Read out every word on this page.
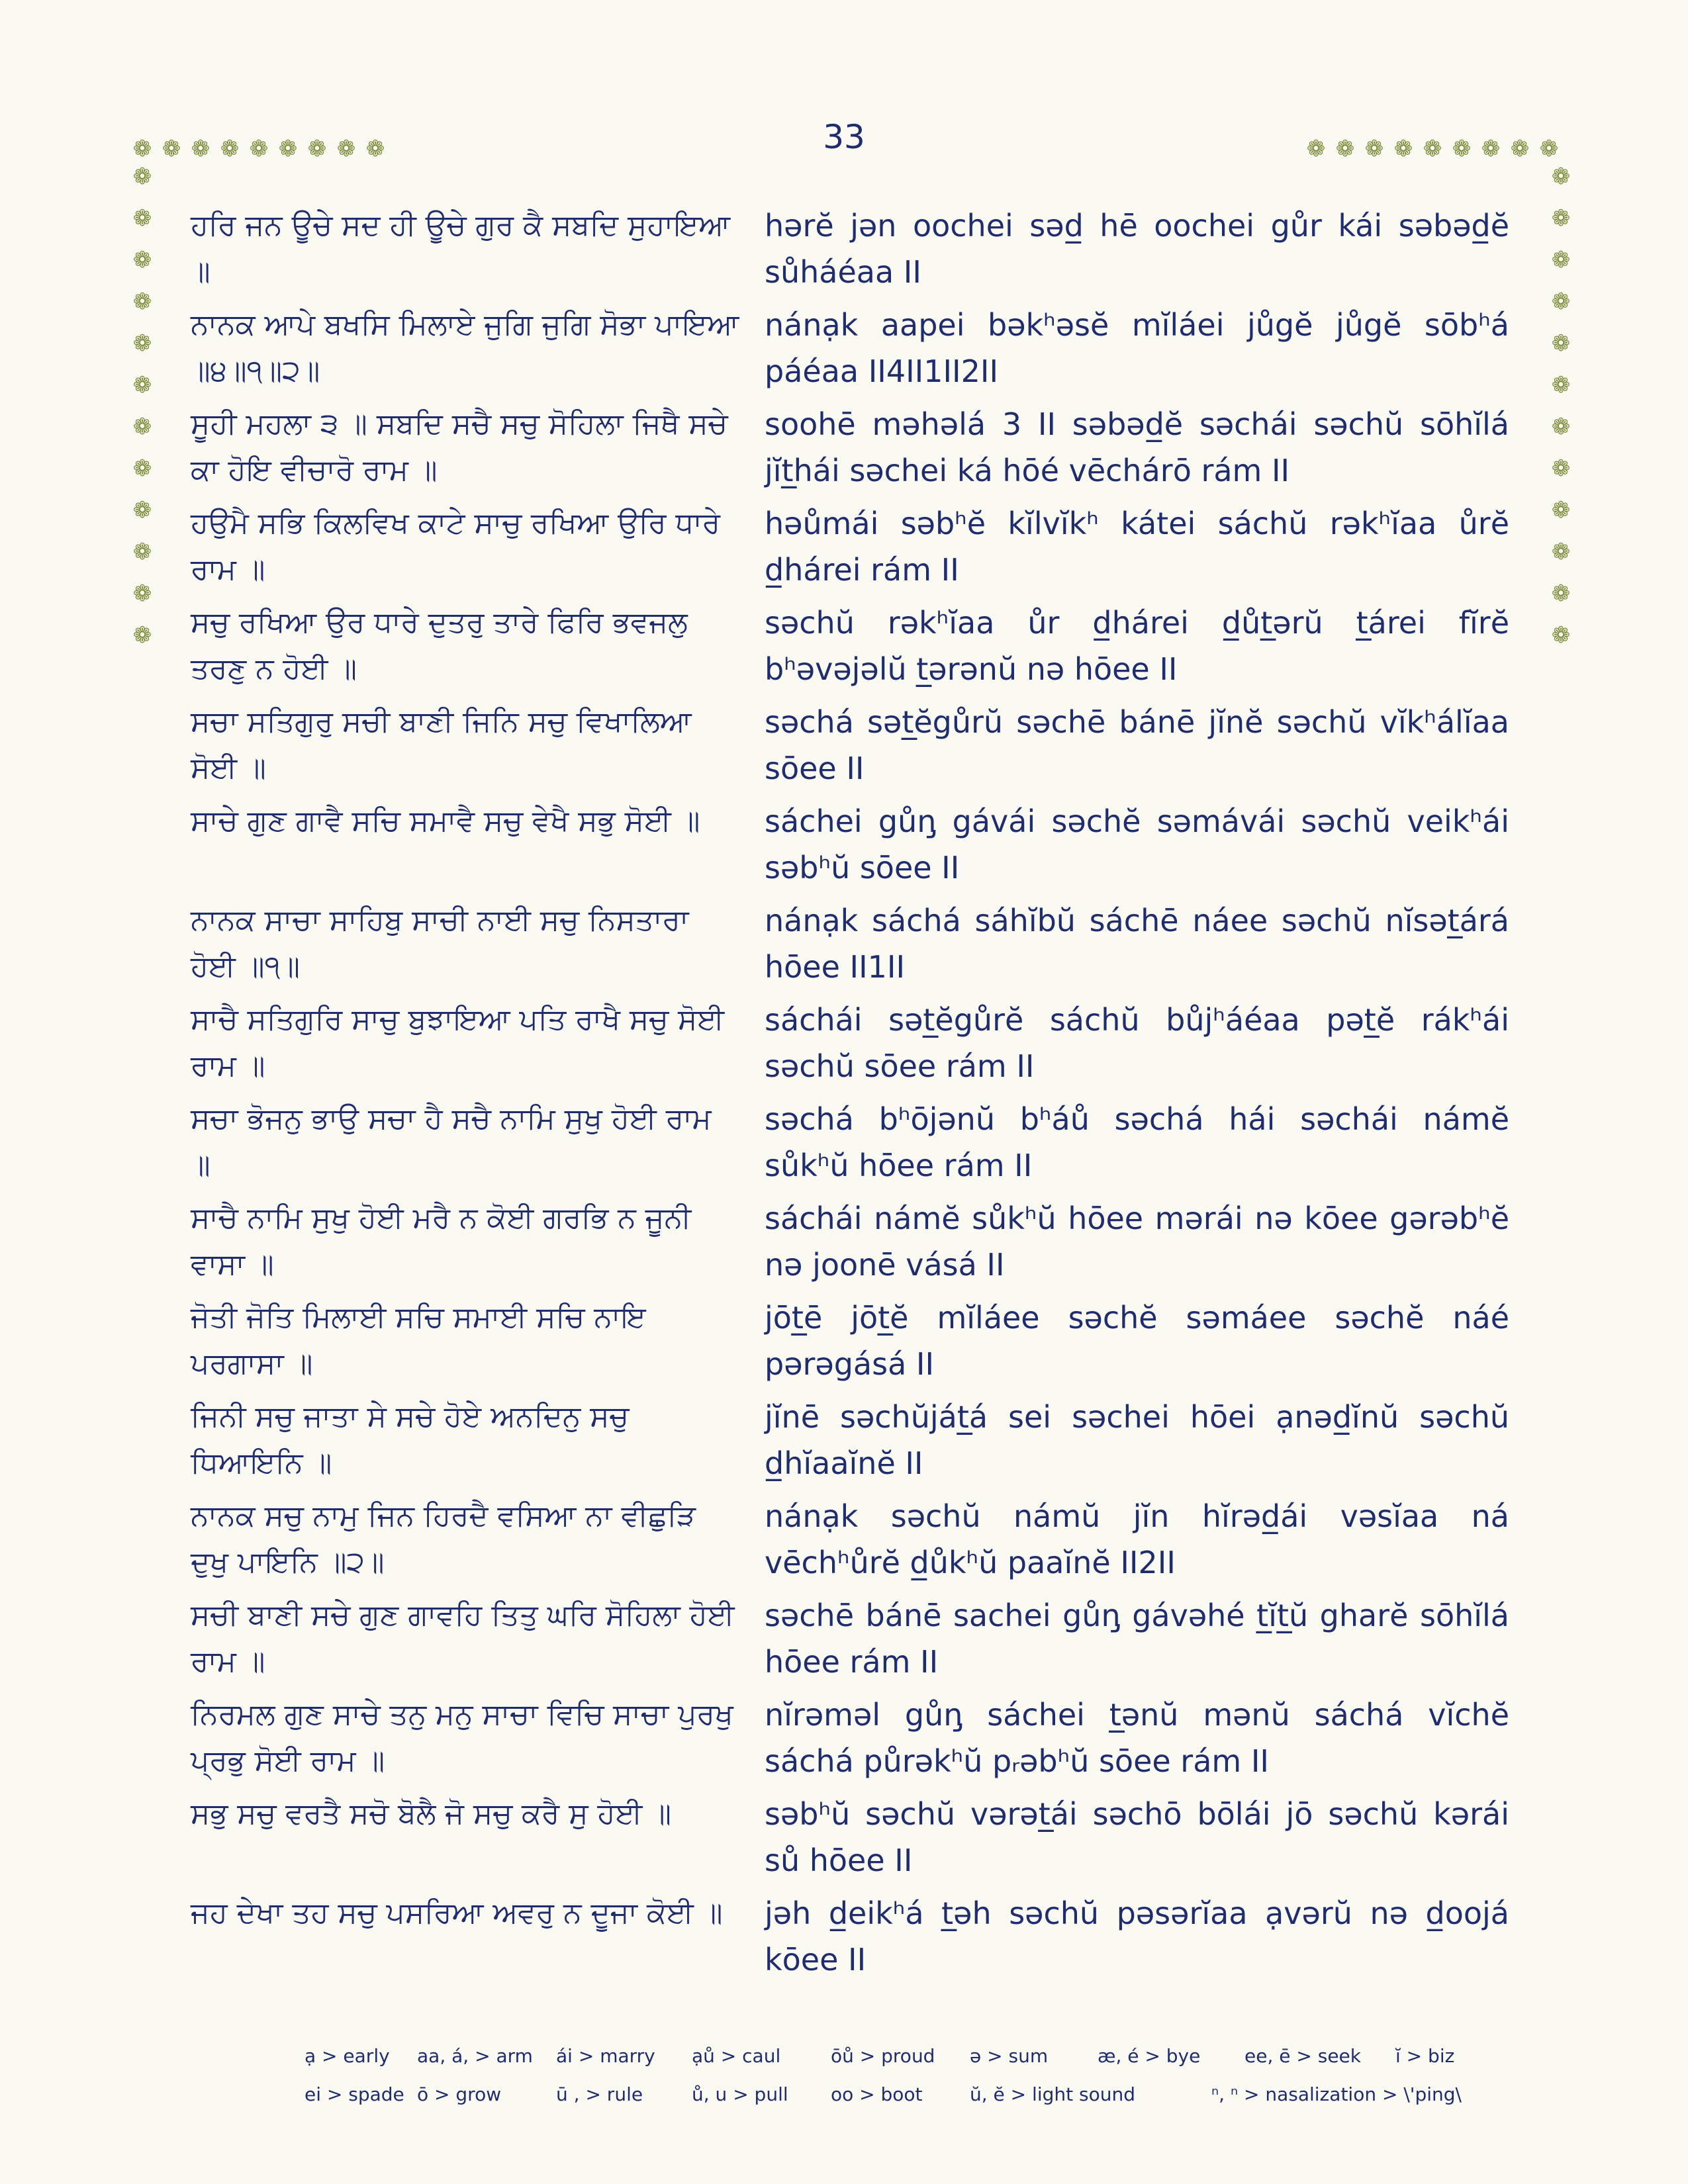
33
❁ ❁ ❁ ❁ ❁ ❁ ❁ ❁ ❁	❁ ❁ ❁ ❁ ❁ ❁ ❁ ❁ ❁
❁
❁
❁
❁
❁
❁
❁
❁
❁
❁
❁
❁
❁
❁
❁
❁
❁
❁
❁
❁
❁
❁
❁
❁
ਹਰਿ ਜਨ ਊਚੇ ਸਦ ਹੀ ਊਚੇ ਗੁਰ ਕੈ ਸਬਦਿ ਸੁਹਾਇਆ ॥
hərĕ jən oochei səd̲ hē oochei gůr kái səbəd̲ĕ sůháéaa II
ਨਾਨਕ ਆਪੇ ਬਖਸਿ ਮਿਲਾਏ ਜੁਗਿ ਜੁਗਿ ਸੋਭਾ ਪਾਇਆ ॥੪॥੧॥੨॥
nánạk aapei bəkʰəsĕ mĭláei jůgĕ jůgĕ sōbʰá páéaa II4II1II2II
ਸੂਹੀ ਮਹਲਾ ੩ ॥ ਸਬਦਿ ਸਚੈ ਸਚੁ ਸੋਹਿਲਾ ਜਿਥੈ ਸਚੇ ਕਾ ਹੋਇ ਵੀਚਾਰੋ ਰਾਮ ॥
soohē məhəlá 3 II səbəd̲ĕ səchái səchŭ sōhĭlá jĭt̲hái səchei ká hōé vēchárō rám II
ਹਉਮੈ ਸਭਿ ਕਿਲਵਿਖ ਕਾਟੇ ਸਾਚੁ ਰਖਿਆ ਉਰਿ ਧਾਰੇ ਰਾਮ ॥
həůmái səbʰĕ kĭlvĭkʰ kátei sáchŭ rəkʰĭaa ůrĕ d̲hárei rám II
ਸਚੁ ਰਖਿਆ ਉਰ ਧਾਰੇ ਦੁਤਰੁ ਤਾਰੇ ਫਿਰਿ ਭਵਜਲੁ ਤਰਣੁ ਨ ਹੋਈ ॥
səchŭ rəkʰĭaa ůr d̲hárei d̲ůt̲ərŭ t̲árei fĭrĕ bʰəvəjəlŭ t̲ərənŭ nə hōee II
ਸਚਾ ਸਤਿਗੁਰੁ ਸਚੀ ਬਾਣੀ ਜਿਨਿ ਸਚੁ ਵਿਖਾਲਿਆ ਸੋਈ ॥
səchá sət̲ĕgůrŭ səchē bánē jĭnĕ səchŭ vĭkʰálĭaa sōee II
ਸਾਚੇ ਗੁਣ ਗਾਵੈ ਸਚਿ ਸਮਾਵੈ ਸਚੁ ਵੇਖੈ ਸਭੁ ਸੋਈ ॥	sáchei gůn̡ gávái səchĕ səmávái səchŭ veikʰái səbʰŭ sōee II
ਨਾਨਕ ਸਾਚਾ ਸਾਹਿਬੁ ਸਾਚੀ ਨਾਈ ਸਚੁ ਨਿਸਤਾਰਾ ਹੋਈ ॥੧॥
nánạk sáchá sáhĭbŭ sáchē náee səchŭ nĭsət̲árá hōee II1II
ਸਾਚੈ ਸਤਿਗੁਰਿ ਸਾਚੁ ਬੁਝਾਇਆ ਪਤਿ ਰਾਖੈ ਸਚੁ ਸੋਈ ਰਾਮ ॥
sáchái sət̲ĕgůrĕ sáchŭ bůjʰáéaa pət̲ĕ rákʰái səchŭ sōee rám II
ਸਚਾ ਭੋਜਨੁ ਭਾਉ ਸਚਾ ਹੈ ਸਚੈ ਨਾਮਿ ਸੁਖੁ ਹੋਈ ਰਾਮ ॥
səchá bʰōjənŭ bʰáů səchá hái səchái námĕ sůkʰŭ hōee rám II
ਸਾਚੈ ਨਾਮਿ ਸੁਖੁ ਹੋਈ ਮਰੈ ਨ ਕੋਈ ਗਰਭਿ ਨ ਜੂਨੀ ਵਾਸਾ ॥
sáchái námĕ sůkʰŭ hōee mərái nə kōee gərəbʰĕ nə joonē vásá II
ਜੋਤੀ ਜੋਤਿ ਮਿਲਾਈ ਸਚਿ ਸਮਾਈ ਸਚਿ ਨਾਇ ਪਰਗਾਸਾ ॥
jōt̲ē jōt̲ĕ mĭláee səchĕ səmáee səchĕ náé pərəgásá II
ਜਿਨੀ ਸਚੁ ਜਾਤਾ ਸੇ ਸਚੇ ਹੋਏ ਅਨਦਿਨੁ ਸਚੁ ਧਿਆਇਨਿ ॥
jĭnē səchŭját̲á sei səchei hōei ạnəd̲ĭnŭ səchŭ d̲hĭaaĭnĕ II
ਨਾਨਕ ਸਚੁ ਨਾਮੁ ਜਿਨ ਹਿਰਦੈ ਵਸਿਆ ਨਾ ਵੀਛੁੜਿ ਦੁਖੁ ਪਾਇਨਿ ॥੨॥
nánạk səchŭ námŭ jĭn hĭrəd̲ái vəsĭaa ná vēchʰůrĕ d̲ůkʰŭ paaĭnĕ II2II
ਸਚੀ ਬਾਣੀ ਸਚੇ ਗੁਣ ਗਾਵਹਿ ਤਿਤੁ ਘਰਿ ਸੋਹਿਲਾ ਹੋਈ ਰਾਮ ॥
səchē bánē sachei gůn̡ gávəhé t̲ĭt̲ŭ gharĕ sōhĭlá hōee rám II
ਨਿਰਮਲ ਗੁਣ ਸਾਚੇ ਤਨੁ ਮਨੁ ਸਾਚਾ ਵਿਚਿ ਸਾਚਾ ਪੁਰਖੁ ਪ੍ਰਭੁ ਸੋਈ ਰਾਮ ॥
nĭrəməl gůn̡ sáchei t̲ənŭ mənŭ sáchá vĭchĕ sáchá půrəkʰŭ pᵣəbʰŭ sōee rám II
ਸਭੁ ਸਚੁ ਵਰਤੈ ਸਚੋ ਬੋਲੈ ਜੋ ਸਚੁ ਕਰੈ ਸੁ ਹੋਈ ॥	səbʰŭ səchŭ vərət̲ái səchō bōlái jō səchŭ kərái sů hōee II
ਜਹ ਦੇਖਾ ਤਹ ਸਚੁ ਪਸਰਿਆ ਅਵਰੁ ਨ ਦੂਜਾ ਕੋਈ ॥	jəh d̲eikʰá t̲əh səchŭ pəsərĭaa ạvərŭ nə d̲oojá kōee II
ạ > early aa, á, > arm ái > marry ạů > caul	ōů > proud ə > sum	æ, é > bye ee, ē > seek ĭ > biz
ei > spade ō > grow	ū , > rule	ů, u > pull oo > boot	ŭ, ĕ > light sound	ⁿ, ⁿ > nasalization > \'ping\
